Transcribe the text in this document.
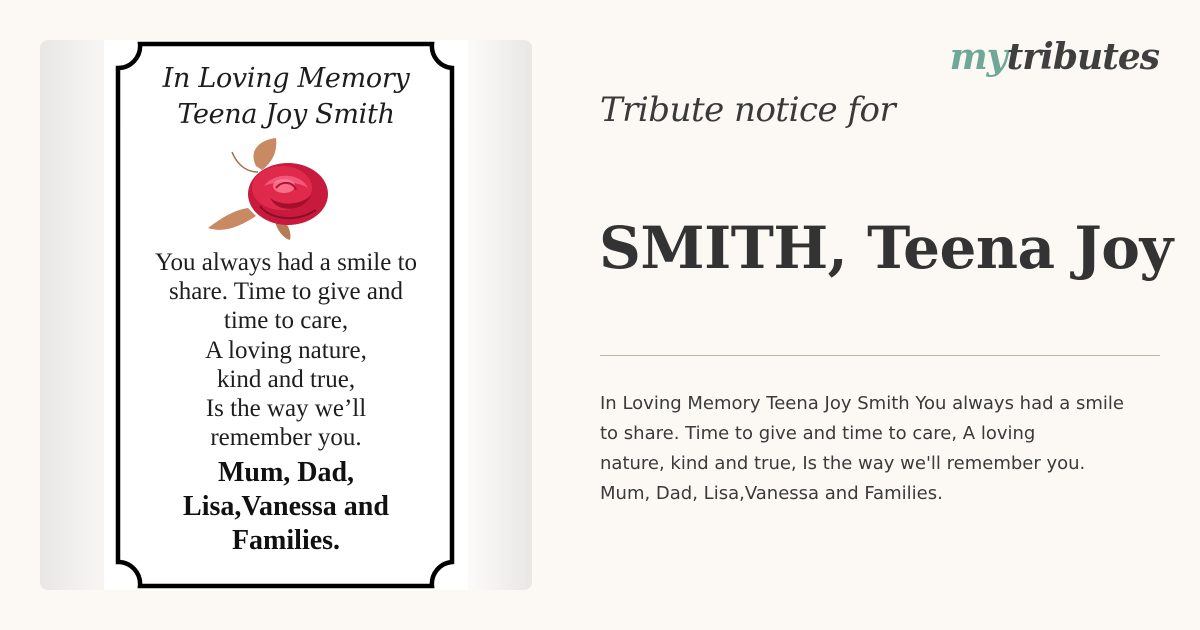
In Loving Memory
Teena Joy Smith
You always had a smile to
share. Time to give and
time to care,
A loving nature,
kind and true,
Is the way we’ll
remember you.
Mum, Dad,
Lisa,Vanessa and
Families.
mytributes
Tribute notice for
SMITH, Teena Joy
In Loving Memory Teena Joy Smith You always had a smile
to share. Time to give and time to care, A loving
nature, kind and true, Is the way we'll remember you.
Mum, Dad, Lisa,Vanessa and Families.
